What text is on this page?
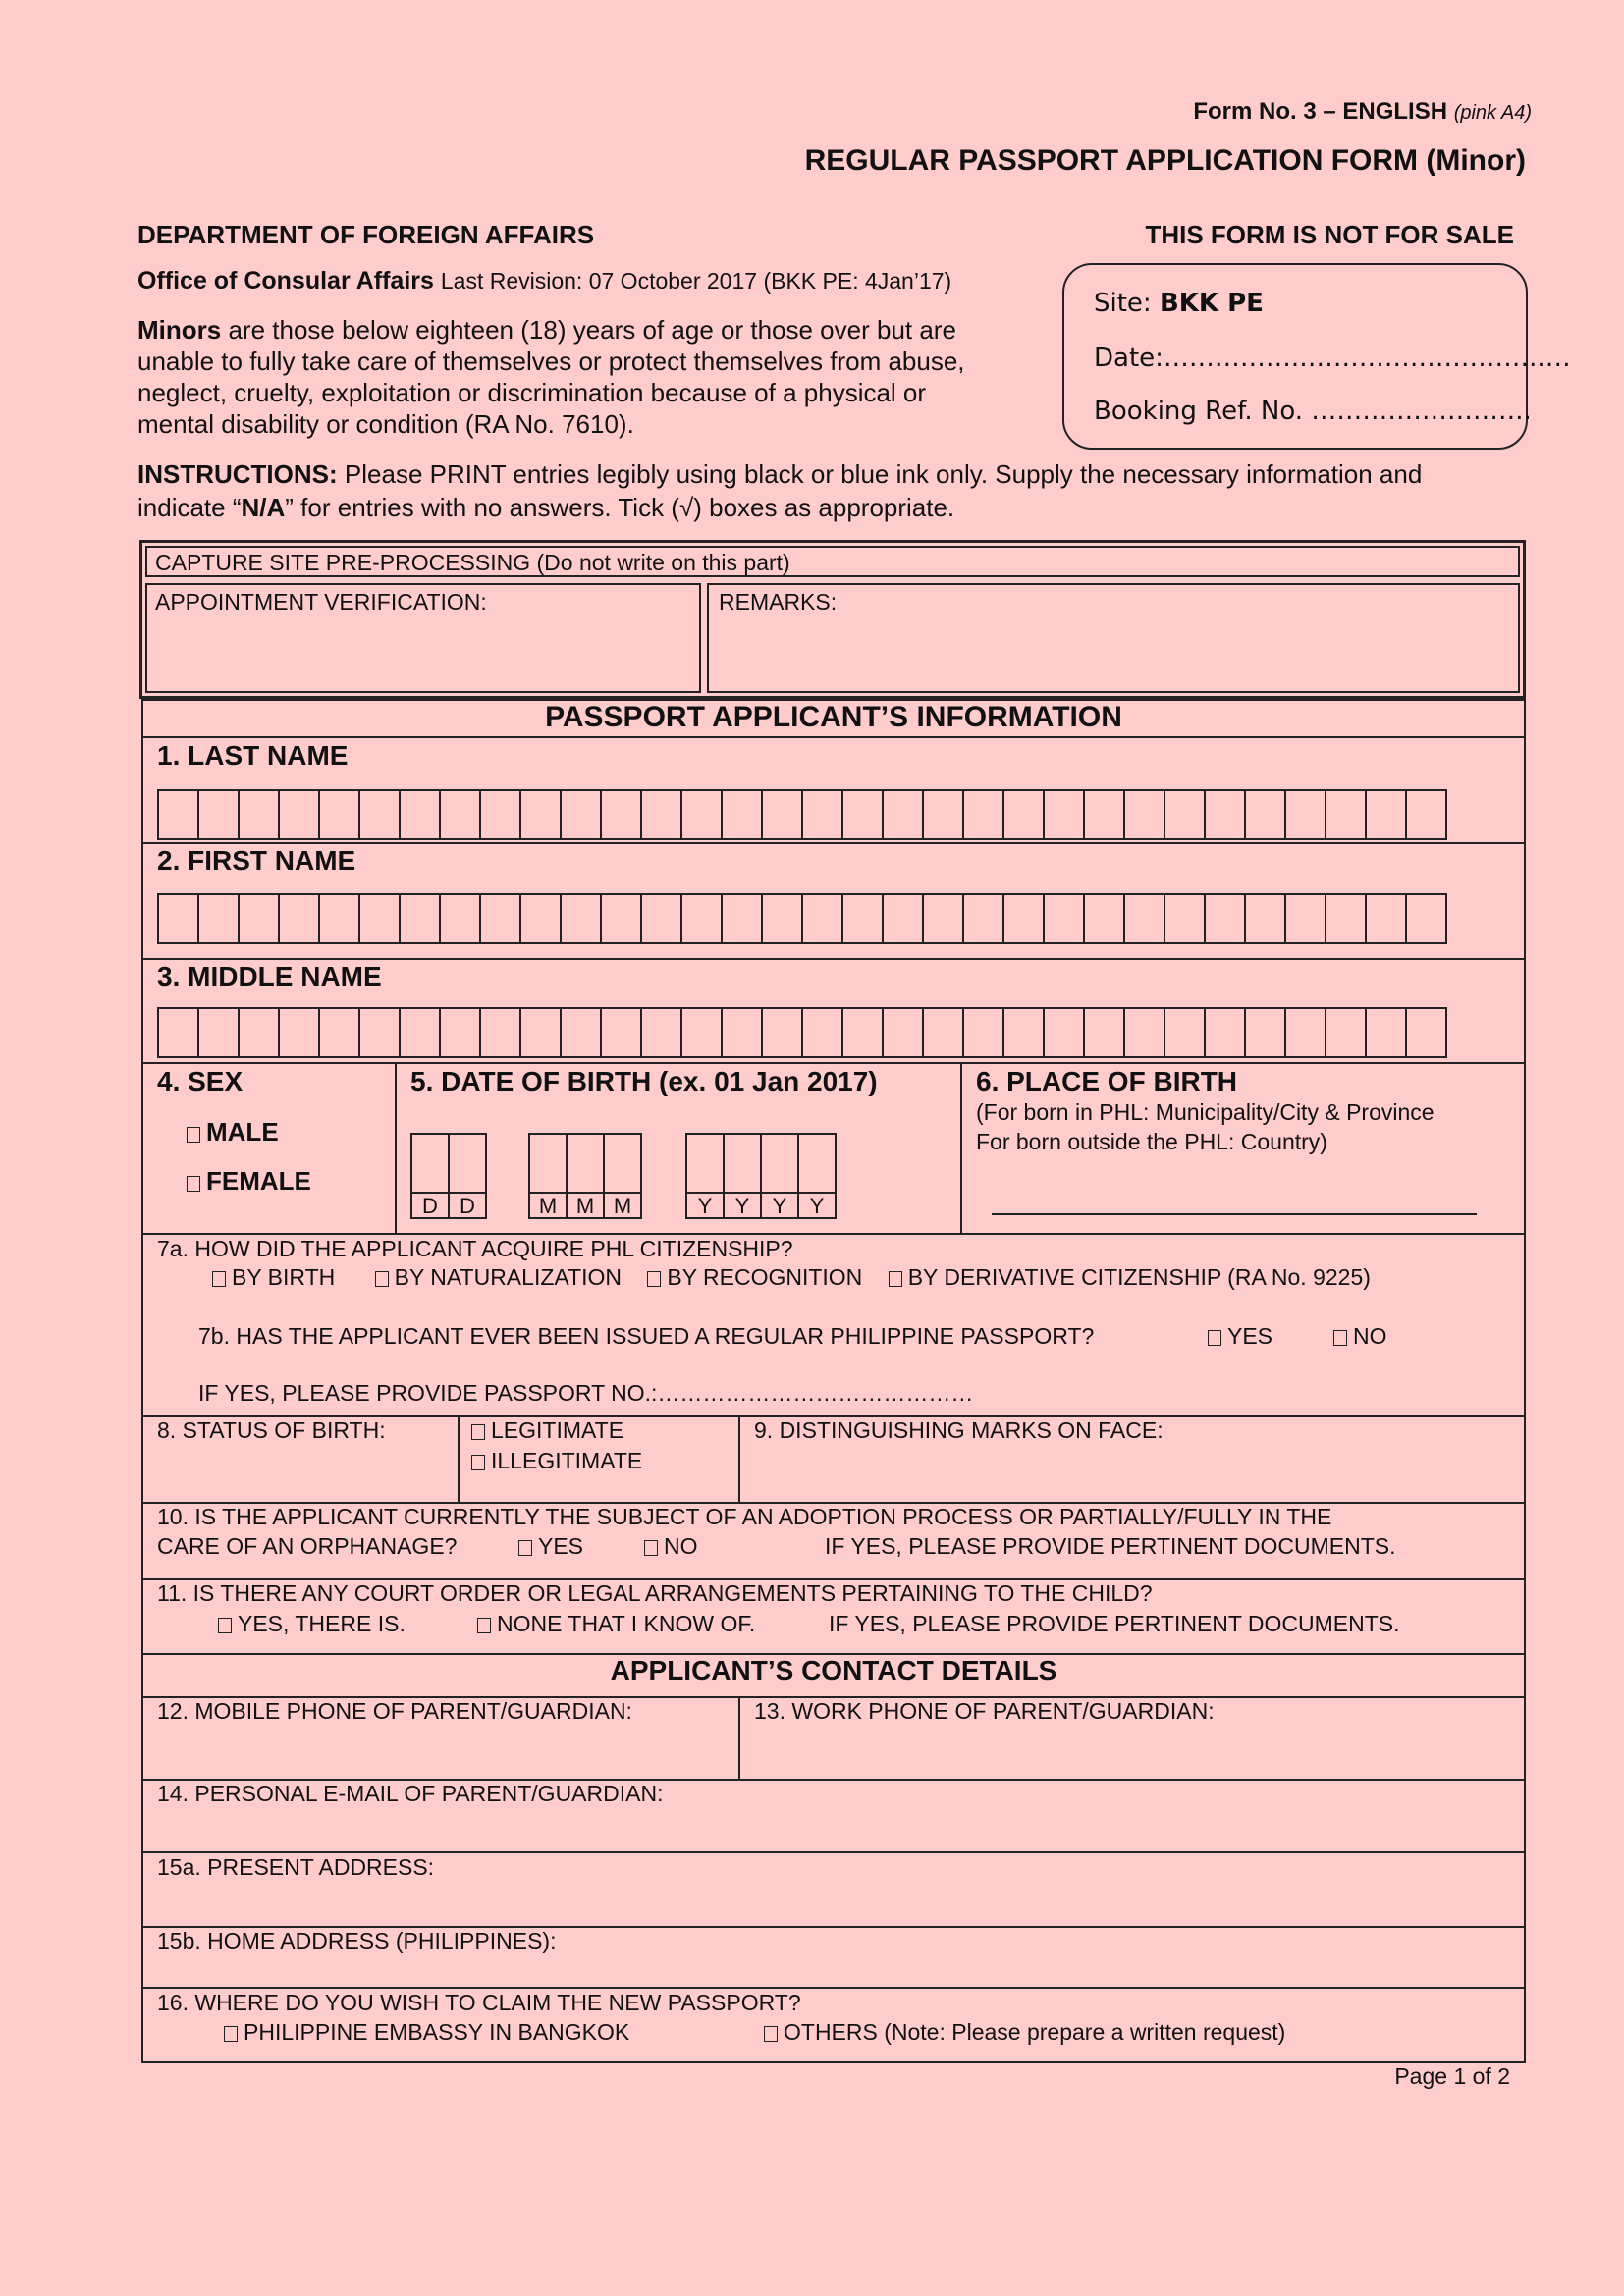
Form No. 3 – ENGLISH (pink A4)
REGULAR PASSPORT APPLICATION FORM (Minor)
DEPARTMENT OF FOREIGN AFFAIRS	THIS FORM IS NOT FOR SALE
Office of Consular Affairs Last Revision: 07 October 2017 (BKK PE: 4Jan’17)
Minors are those below eighteen (18) years of age or those over but are
unable to fully take care of themselves or protect themselves from abuse,
neglect, cruelty, exploitation or discrimination because of a physical or
mental disability or condition (RA No. 7610).
Site: BKK PE
Date:…………….………………………..…
Booking Ref. No. ……………………..
INSTRUCTIONS: Please PRINT entries legibly using black or blue ink only. Supply the necessary information and
indicate “N/A” for entries with no answers. Tick (√) boxes as appropriate.
CAPTURE SITE PRE-PROCESSING (Do not write on this part)
APPOINTMENT VERIFICATION:	REMARKS:
PASSPORT APPLICANT’S INFORMATION
1. LAST NAME
2. FIRST NAME
3. MIDDLE NAME
4. SEX
MALE
FEMALE
5. DATE OF BIRTH (ex. 01 Jan 2017)
D	D	M M M	Y	Y	Y	Y
6. PLACE OF BIRTH
(For born in PHL: Municipality/City & Province
For born outside the PHL: Country)
7a. HOW DID THE APPLICANT ACQUIRE PHL CITIZENSHIP?
BY BIRTH	BY NATURALIZATION BY RECOGNITION BY DERIVATIVE CITIZENSHIP (RA No. 9225)
7b. HAS THE APPLICANT EVER BEEN ISSUED A REGULAR PHILIPPINE PASSPORT?	YES	NO
IF YES, PLEASE PROVIDE PASSPORT NO.:……………………………………
8. STATUS OF BIRTH:	LEGITIMATE
ILLEGITIMATE
9. DISTINGUISHING MARKS ON FACE:
10. IS THE APPLICANT CURRENTLY THE SUBJECT OF AN ADOPTION PROCESS OR PARTIALLY/FULLY IN THE
CARE OF AN ORPHANAGE?	YES	NO	IF YES, PLEASE PROVIDE PERTINENT DOCUMENTS.
11. IS THERE ANY COURT ORDER OR LEGAL ARRANGEMENTS PERTAINING TO THE CHILD?
YES, THERE IS.	NONE THAT I KNOW OF.	IF YES, PLEASE PROVIDE PERTINENT DOCUMENTS.
APPLICANT’S CONTACT DETAILS
12. MOBILE PHONE OF PARENT/GUARDIAN:	13. WORK PHONE OF PARENT/GUARDIAN:
14. PERSONAL E-MAIL OF PARENT/GUARDIAN:
15a. PRESENT ADDRESS:
15b. HOME ADDRESS (PHILIPPINES):
16. WHERE DO YOU WISH TO CLAIM THE NEW PASSPORT?
PHILIPPINE EMBASSY IN BANGKOK	OTHERS (Note: Please prepare a written request)
Page 1 of 2
